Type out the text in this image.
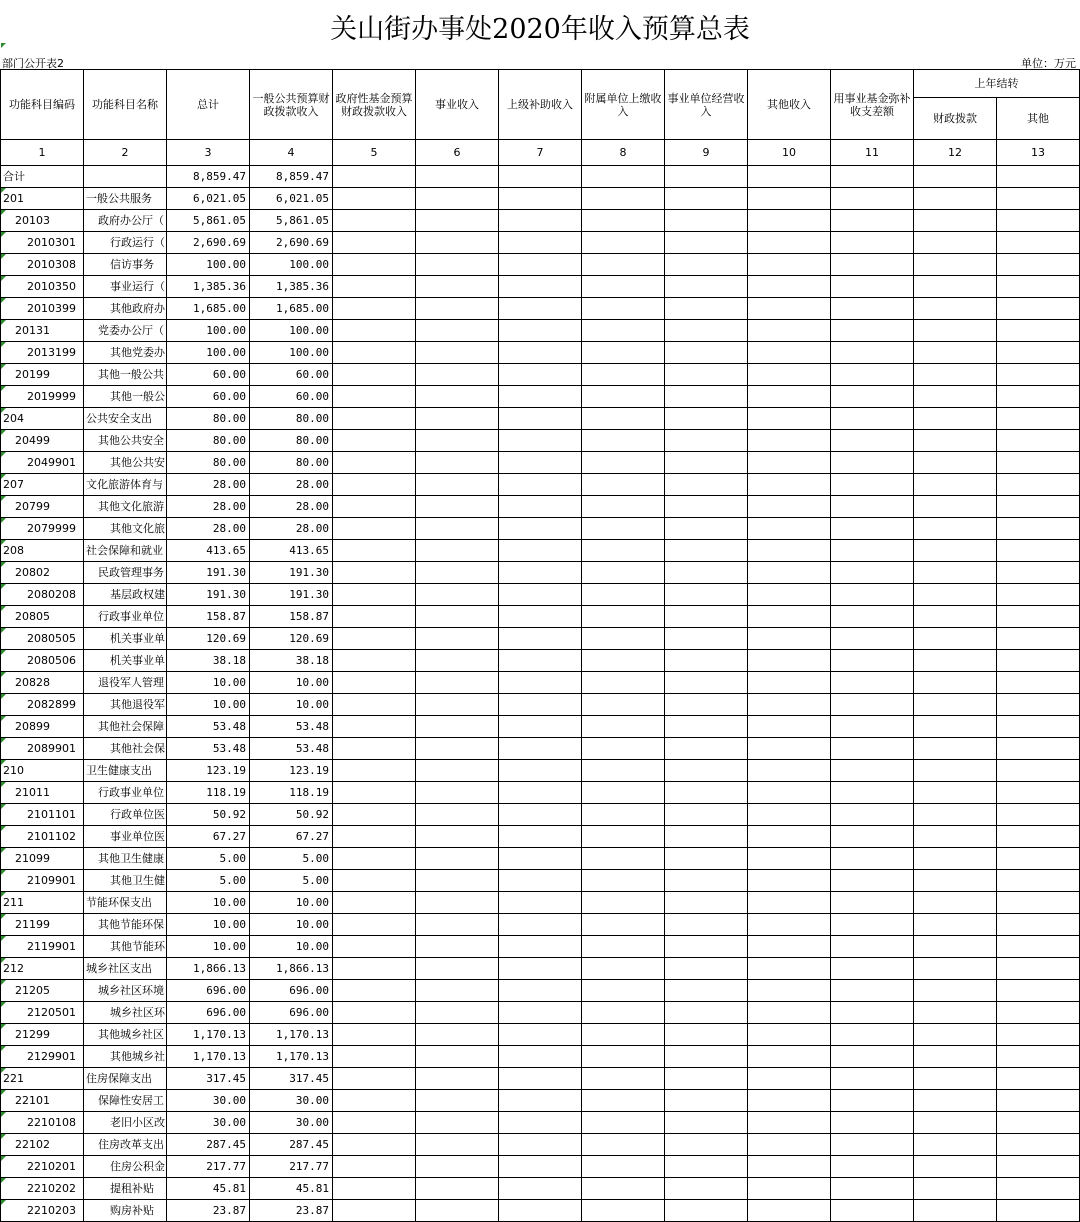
关山街办事处2020年收入预算总表
部门公开表2	单位：万元
功能科目编码	功能科目名称	总计	一般公共预算财政拨款收入	政府性基金预算财政拨款收入	事业收入	上级补助收入	附属单位上缴收入	事业单位经营收入	其他收入	用事业基金弥补收支差额	上年结转	
											财政拨款	其他
1	2	3	4	5	6	7	8	9	10	11	12	13
合计		8,859.47	8,859.47									

201	一般公共服务	6,021.05	6,021.05									

20103	政府办公厅（	5,861.05	5,861.05									

2010301	行政运行（	2,690.69	2,690.69									

2010308	信访事务	100.00	100.00									

2010350	事业运行（	1,385.36	1,385.36									

2010399	其他政府办	1,685.00	1,685.00									

20131	党委办公厅（	100.00	100.00									

2013199	其他党委办	100.00	100.00									

20199	其他一般公共	60.00	60.00									

2019999	其他一般公	60.00	60.00									

204	公共安全支出	80.00	80.00									

20499	其他公共安全	80.00	80.00									

2049901	其他公共安	80.00	80.00									

207	文化旅游体育与	28.00	28.00									

20799	其他文化旅游	28.00	28.00									

2079999	其他文化旅	28.00	28.00									

208	社会保障和就业	413.65	413.65									

20802	民政管理事务	191.30	191.30									

2080208	基层政权建	191.30	191.30									

20805	行政事业单位	158.87	158.87									

2080505	机关事业单	120.69	120.69									

2080506	机关事业单	38.18	38.18									

20828	退役军人管理	10.00	10.00									

2082899	其他退役军	10.00	10.00									

20899	其他社会保障	53.48	53.48									

2089901	其他社会保	53.48	53.48									

210	卫生健康支出	123.19	123.19									

21011	行政事业单位	118.19	118.19									

2101101	行政单位医	50.92	50.92									

2101102	事业单位医	67.27	67.27									

21099	其他卫生健康	5.00	5.00									

2109901	其他卫生健	5.00	5.00									

211	节能环保支出	10.00	10.00									

21199	其他节能环保	10.00	10.00									

2119901	其他节能环	10.00	10.00									

212	城乡社区支出	1,866.13	1,866.13									

21205	城乡社区环境	696.00	696.00									

2120501	城乡社区环	696.00	696.00									

21299	其他城乡社区	1,170.13	1,170.13									

2129901	其他城乡社	1,170.13	1,170.13									

221	住房保障支出	317.45	317.45									

22101	保障性安居工	30.00	30.00									

2210108	老旧小区改	30.00	30.00									

22102	住房改革支出	287.45	287.45									

2210201	住房公积金	217.77	217.77									

2210202	提租补贴	45.81	45.81									

2210203	购房补贴	23.87	23.87									
